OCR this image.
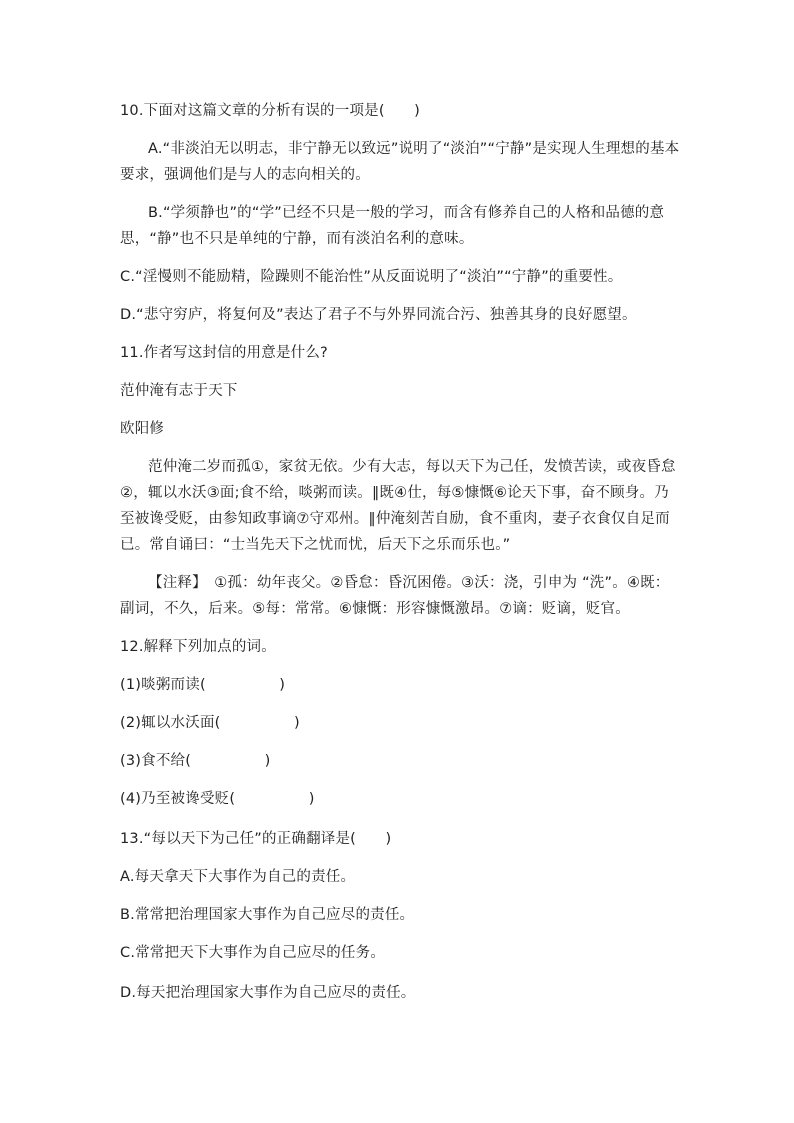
10.下面对这篇文章的分析有误的一项是(　　)

A.“非淡泊无以明志，非宁静无以致远”说明了“淡泊”“宁静”是实现人生理想的基本要求，强调他们是与人的志向相关的。

B.“学须静也”的“学”已经不只是一般的学习，而含有修养自己的人格和品德的意思，“静”也不只是单纯的宁静，而有淡泊名利的意味。

C.“淫慢则不能励精，险躁则不能治性”从反面说明了“淡泊”“宁静”的重要性。

D.“悲守穷庐，将复何及”表达了君子不与外界同流合污、独善其身的良好愿望。

11.作者写这封信的用意是什么?

范仲淹有志于天下

欧阳修

范仲淹二岁而孤①，家贫无依。少有大志，每以天下为己任，发愤苦读，或夜昏怠②，辄以水沃③面;食不给，啖粥而读。‖既④仕，每⑤慷慨⑥论天下事，奋不顾身。乃至被谗受贬，由参知政事谪⑦守邓州。‖仲淹刻苦自励，食不重肉，妻子衣食仅自足而已。常自诵曰：“士当先天下之忧而忧，后天下之乐而乐也。”

【注释】　 ①孤：幼年丧父。②昏怠：昏沉困倦。③沃：浇，引申为 “洗”。④既：副词，不久，后来。⑤每：常常。⑥慷慨：形容慷慨激昂。⑦谪：贬谪，贬官。

12.解释下列加点的词。

(1)啖粥而读(　　　　　)

(2)辄以水沃面(　　　　　)

(3)食不给(　　　　　)

(4)乃至被谗受贬(　　　　　)

13.“每以天下为己任”的正确翻译是(　　)

A.每天拿天下大事作为自己的责任。

B.常常把治理国家大事作为自己应尽的责任。

C.常常把天下大事作为自己应尽的任务。

D.每天把治理国家大事作为自己应尽的责任。
